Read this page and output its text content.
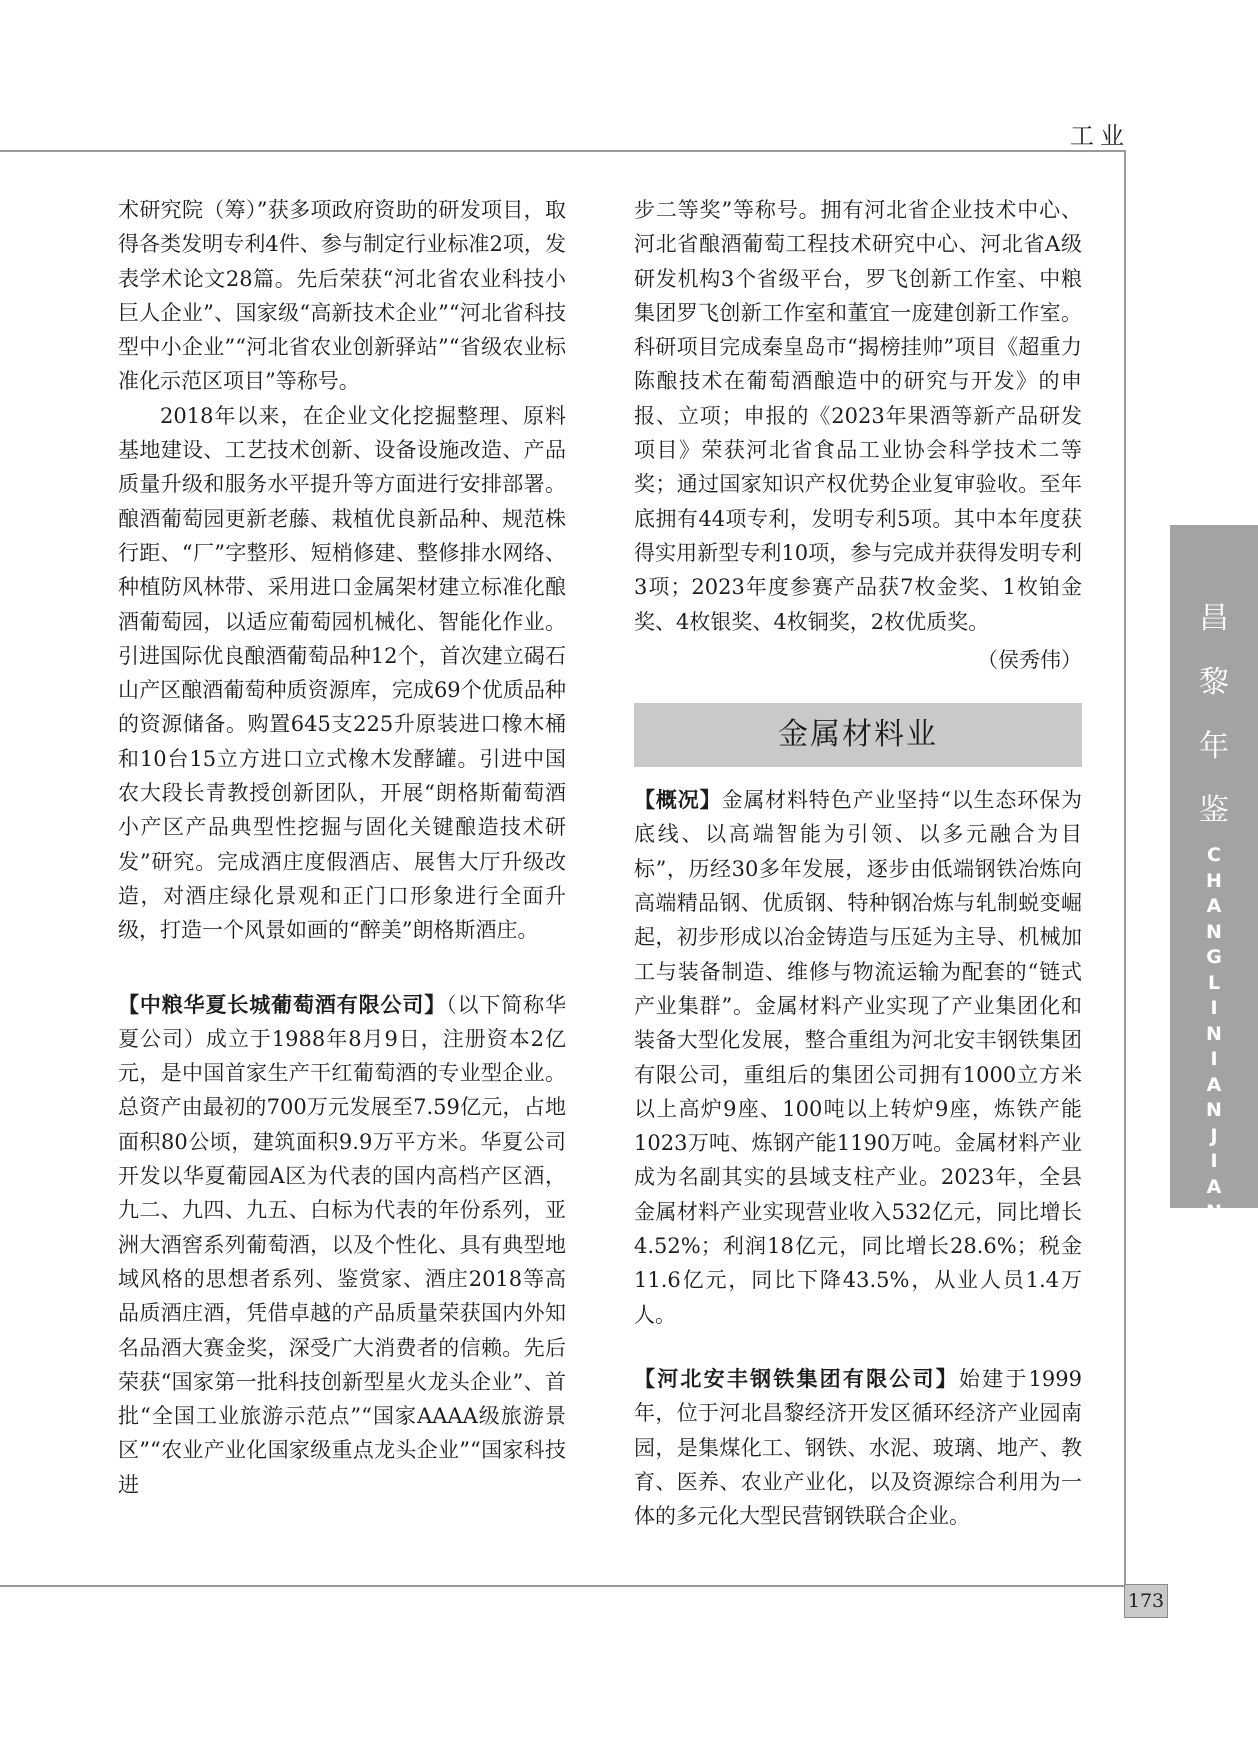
工业
173
昌
黎
年
鉴
C
H
A
N
G
L
I
N
I
A
N
J
I
A
N

术研究院（筹）”获多项政府资助的研发项目，取得各类发明专利4件、参与制定行业标准2项，发表学术论文28篇。先后荣获“河北省农业科技小巨人企业”、国家级“高新技术企业”“河北省科技型中小企业”“河北省农业创新驿站”“省级农业标准化示范区项目”等称号。

2018年以来，在企业文化挖掘整理、原料基地建设、工艺技术创新、设备设施改造、产品质量升级和服务水平提升等方面进行安排部署。酿酒葡萄园更新老藤、栽植优良新品种、规范株行距、“厂”字整形、短梢修建、整修排水网络、种植防风林带、采用进口金属架材建立标准化酿酒葡萄园，以适应葡萄园机械化、智能化作业。引进国际优良酿酒葡萄品种12个，首次建立碣石山产区酿酒葡萄种质资源库，完成69个优质品种的资源储备。购置645支225升原装进口橡木桶和10台15立方进口立式橡木发酵罐。引进中国农大段长青教授创新团队，开展“朗格斯葡萄酒小产区产品典型性挖掘与固化关键酿造技术研发”研究。完成酒庄度假酒店、展售大厅升级改造，对酒庄绿化景观和正门口形象进行全面升级，打造一个风景如画的“醉美”朗格斯酒庄。

【中粮华夏长城葡萄酒有限公司】（以下简称华夏公司）成立于1988年8月9日，注册资本2亿元，是中国首家生产干红葡萄酒的专业型企业。总资产由最初的700万元发展至7.59亿元，占地面积80公顷，建筑面积9.9万平方米。华夏公司开发以华夏葡园A区为代表的国内高档产区酒，九二、九四、九五、白标为代表的年份系列，亚洲大酒窖系列葡萄酒，以及个性化、具有典型地域风格的思想者系列、鉴赏家、酒庄2018等高品质酒庄酒，凭借卓越的产品质量荣获国内外知名品酒大赛金奖，深受广大消费者的信赖。先后荣获“国家第一批科技创新型星火龙头企业”、首批“全国工业旅游示范点”“国家AAAA级旅游景区”“农业产业化国家级重点龙头企业”“国家科技进

步二等奖”等称号。拥有河北省企业技术中心、河北省酿酒葡萄工程技术研究中心、河北省A级研发机构3个省级平台，罗飞创新工作室、中粮集团罗飞创新工作室和董宜一庞建创新工作室。科研项目完成秦皇岛市“揭榜挂帅”项目《超重力陈酿技术在葡萄酒酿造中的研究与开发》的申报、立项；申报的《2023年果酒等新产品研发项目》荣获河北省食品工业协会科学技术二等奖；通过国家知识产权优势企业复审验收。至年底拥有44项专利，发明专利5项。其中本年度获得实用新型专利10项，参与完成并获得发明专利3项；2023年度参赛产品获7枚金奖、1枚铂金奖、4枚银奖、4枚铜奖，2枚优质奖。

（侯秀伟）

金属材料业

【概况】金属材料特色产业坚持“以生态环保为底线、以高端智能为引领、以多元融合为目标”，历经30多年发展，逐步由低端钢铁冶炼向高端精品钢、优质钢、特种钢冶炼与轧制蜕变崛起，初步形成以冶金铸造与压延为主导、机械加工与装备制造、维修与物流运输为配套的“链式产业集群”。金属材料产业实现了产业集团化和装备大型化发展，整合重组为河北安丰钢铁集团有限公司，重组后的集团公司拥有1000立方米以上高炉9座、100吨以上转炉9座，炼铁产能1023万吨、炼钢产能1190万吨。金属材料产业成为名副其实的县域支柱产业。2023年，全县金属材料产业实现营业收入532亿元，同比增长4.52%；利润18亿元，同比增长28.6%；税金11.6亿元，同比下降43.5%，从业人员1.4万人。

【河北安丰钢铁集团有限公司】始建于1999年，位于河北昌黎经济开发区循环经济产业园南园，是集煤化工、钢铁、水泥、玻璃、地产、教育、医养、农业产业化，以及资源综合利用为一体的多元化大型民营钢铁联合企业。
